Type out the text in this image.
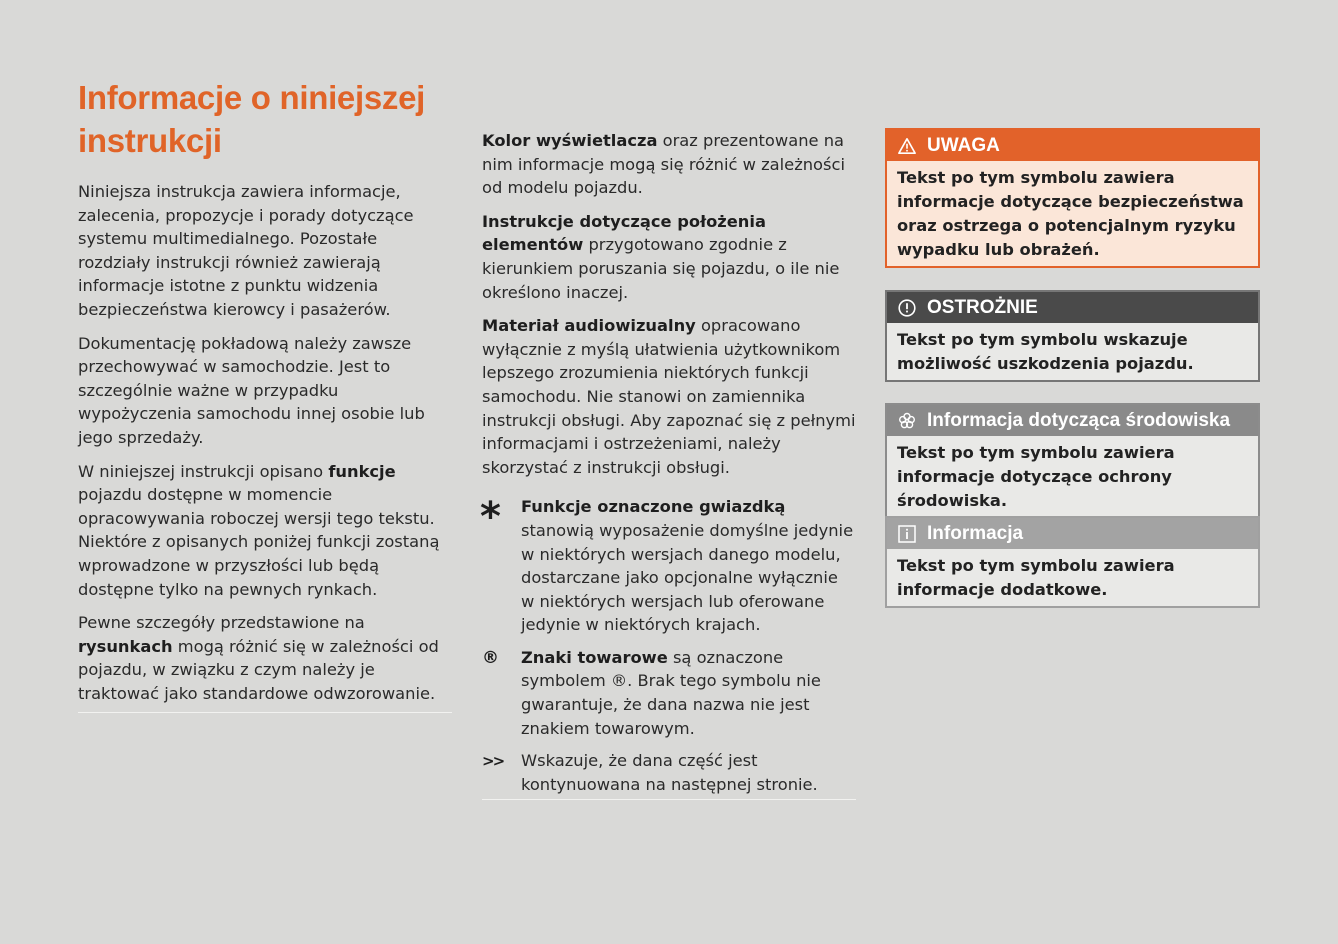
Informacje o niniejszej instrukcji

Niniejsza instrukcja zawiera informacje, zalecenia, propozycje i porady dotyczące systemu multimedialnego. Pozostałe rozdziały instrukcji również zawierają informacje istotne z punktu widzenia bezpieczeństwa kierowcy i pasażerów.

Dokumentację pokładową należy zawsze przechowywać w samochodzie. Jest to szczególnie ważne w przypadku wypożyczenia samochodu innej osobie lub jego sprzedaży.

W niniejszej instrukcji opisano funkcje pojazdu dostępne w momencie opracowywania roboczej wersji tego tekstu. Niektóre z opisanych poniżej funkcji zostaną wprowadzone w przyszłości lub będą dostępne tylko na pewnych rynkach.

Pewne szczegóły przedstawione na rysunkach mogą różnić się w zależności od pojazdu, w związku z czym należy je traktować jako standardowe odwzorowanie.

Kolor wyświetlacza oraz prezentowane na nim informacje mogą się różnić w zależności od modelu pojazdu.

Instrukcje dotyczące położenia elementów przygotowano zgodnie z kierunkiem poruszania się pojazdu, o ile nie określono inaczej.

Materiał audiowizualny opracowano wyłącznie z myślą ułatwienia użytkownikom lepszego zrozumienia niektórych funkcji samochodu. Nie stanowi on zamiennika instrukcji obsługi. Aby zapoznać się z pełnymi informacjami i ostrzeżeniami, należy skorzystać z instrukcji obsługi.

* Funkcje oznaczone gwiazdką stanowią wyposażenie domyślne jedynie w niektórych wersjach danego modelu, dostarczane jako opcjonalne wyłącznie w niektórych wersjach lub oferowane jedynie w niektórych krajach.
®	Znaki towarowe są oznaczone symbolem ®. Brak tego symbolu nie gwarantuje, że dana nazwa nie jest znakiem towarowym.
>>	Wskazuje, że dana część jest kontynuowana na następnej stronie.
UWAGA
Tekst po tym symbolu zawiera informacje dotyczące bezpieczeństwa oraz ostrzega o potencjalnym ryzyku wypadku lub obrażeń.
OSTROŻNIE
Tekst po tym symbolu wskazuje możliwość uszkodzenia pojazdu.
Informacja dotycząca środowiska
Tekst po tym symbolu zawiera informacje dotyczące ochrony środowiska.
Informacja
Tekst po tym symbolu zawiera informacje dodatkowe.
